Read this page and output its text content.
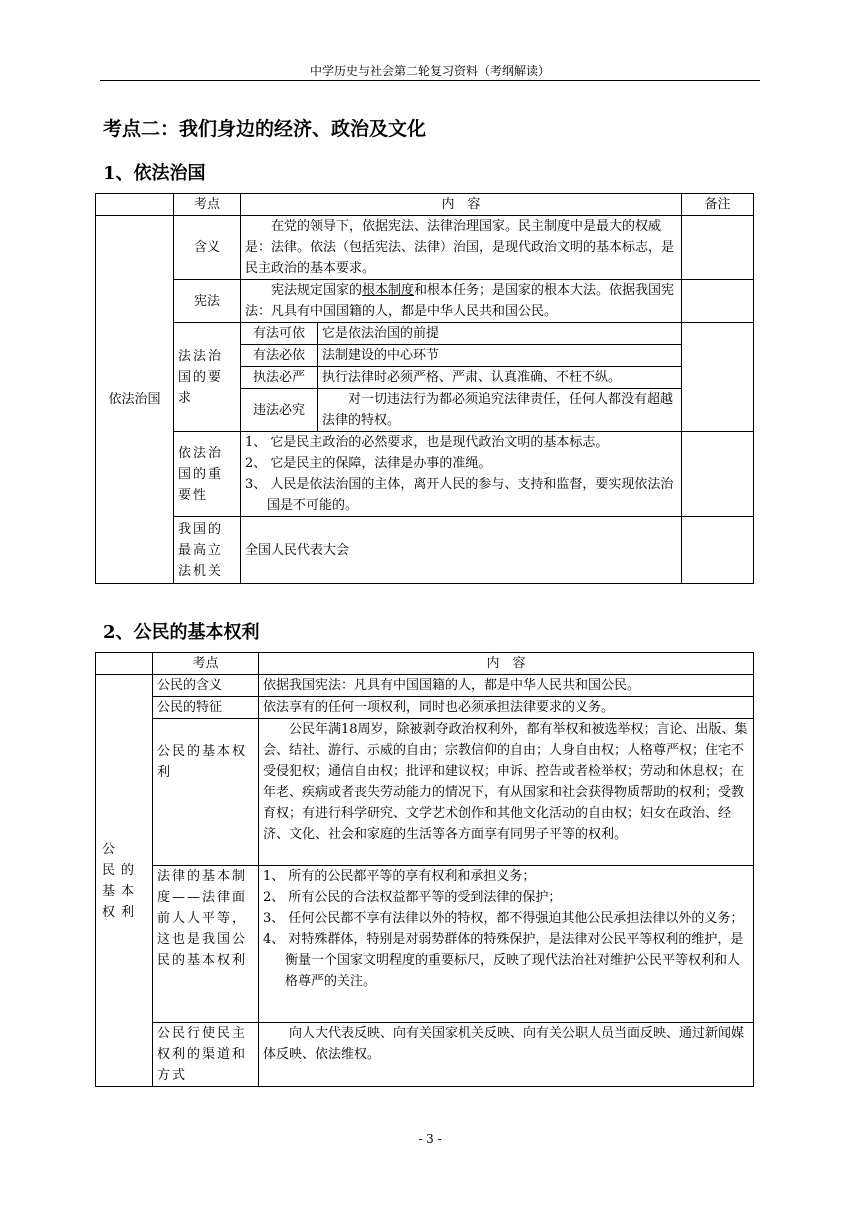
中学历史与社会第二轮复习资料（考纲解读）
考点二：我们身边的经济、政治及文化
1、依法治国
	考点	内　容		备注
依法治国	含义	在党的领导下，依据宪法、法律治理国家。民主制度中是最大的权威是：法律。依法（包括宪法、法律）治国，是现代政治文明的基本标志，是民主政治的基本要求。		
	宪法	宪法规定国家的根本制度和根本任务；是国家的根本大法。依据我国宪法：凡具有中国国籍的人，都是中华人民共和国公民。		
	法法治国的要求	有法可依	它是依法治国的前提	
		有法必依	法制建设的中心环节	
		执法必严	执行法律时必须严格、严肃、认真准确、不枉不纵。	
		违法必究	对一切违法行为都必须追究法律责任，任何人都没有超越法律的特权。	
	依法治国的重要性	1、 它是民主政治的必然要求，也是现代政治文明的基本标志。
2、 它是民主的保障，法律是办事的准绳。
3、 人民是依法治国的主体，离开人民的参与、支持和监督，要实现依法治国是不可能的。		

	我国的最高立法机关	全国人民代表大会		
2、公民的基本权利
	考点	内　容
公　民的　基本　权利	公民的含义	依据我国宪法：凡具有中国国籍的人，都是中华人民共和国公民。
	公民的特征	依法享有的任何一项权利，同时也必须承担法律要求的义务。

	公民的基本权利	公民年满18周岁，除被剥夺政治权利外，都有举权和被选举权；言论、出版、集会、结社、游行、示威的自由；宗教信仰的自由；人身自由权；人格尊严权；住宅不受侵犯权；通信自由权；批评和建议权；申诉、控告或者检举权；劳动和休息权；在年老、疾病或者丧失劳动能力的情况下，有从国家和社会获得物质帮助的权利；受教育权；有进行科学研究、文学艺术创作和其他文化活动的自由权；妇女在政治、经济、文化、社会和家庭的生活等各方面享有同男子平等的权利。
	法律的基本制度——法律面前人人平等，这也是我国公民的基本权利	1、 所有的公民都平等的享有权利和承担义务；
2、 所有公民的合法权益都平等的受到法律的保护；
3、 任何公民都不享有法律以外的特权，都不得强迫其他公民承担法律以外的义务；
4、 对特殊群体，特别是对弱势群体的特殊保护，是法律对公民平等权利的维护，是衡量一个国家文明程度的重要标尺，反映了现代法治社对维护公民平等权利和人格尊严的关注。

	公民行使民主权利的渠道和方式	向人大代表反映、向有关国家机关反映、向有关公职人员当面反映、通过新闻媒体反映、依法维权。
- 3 -
